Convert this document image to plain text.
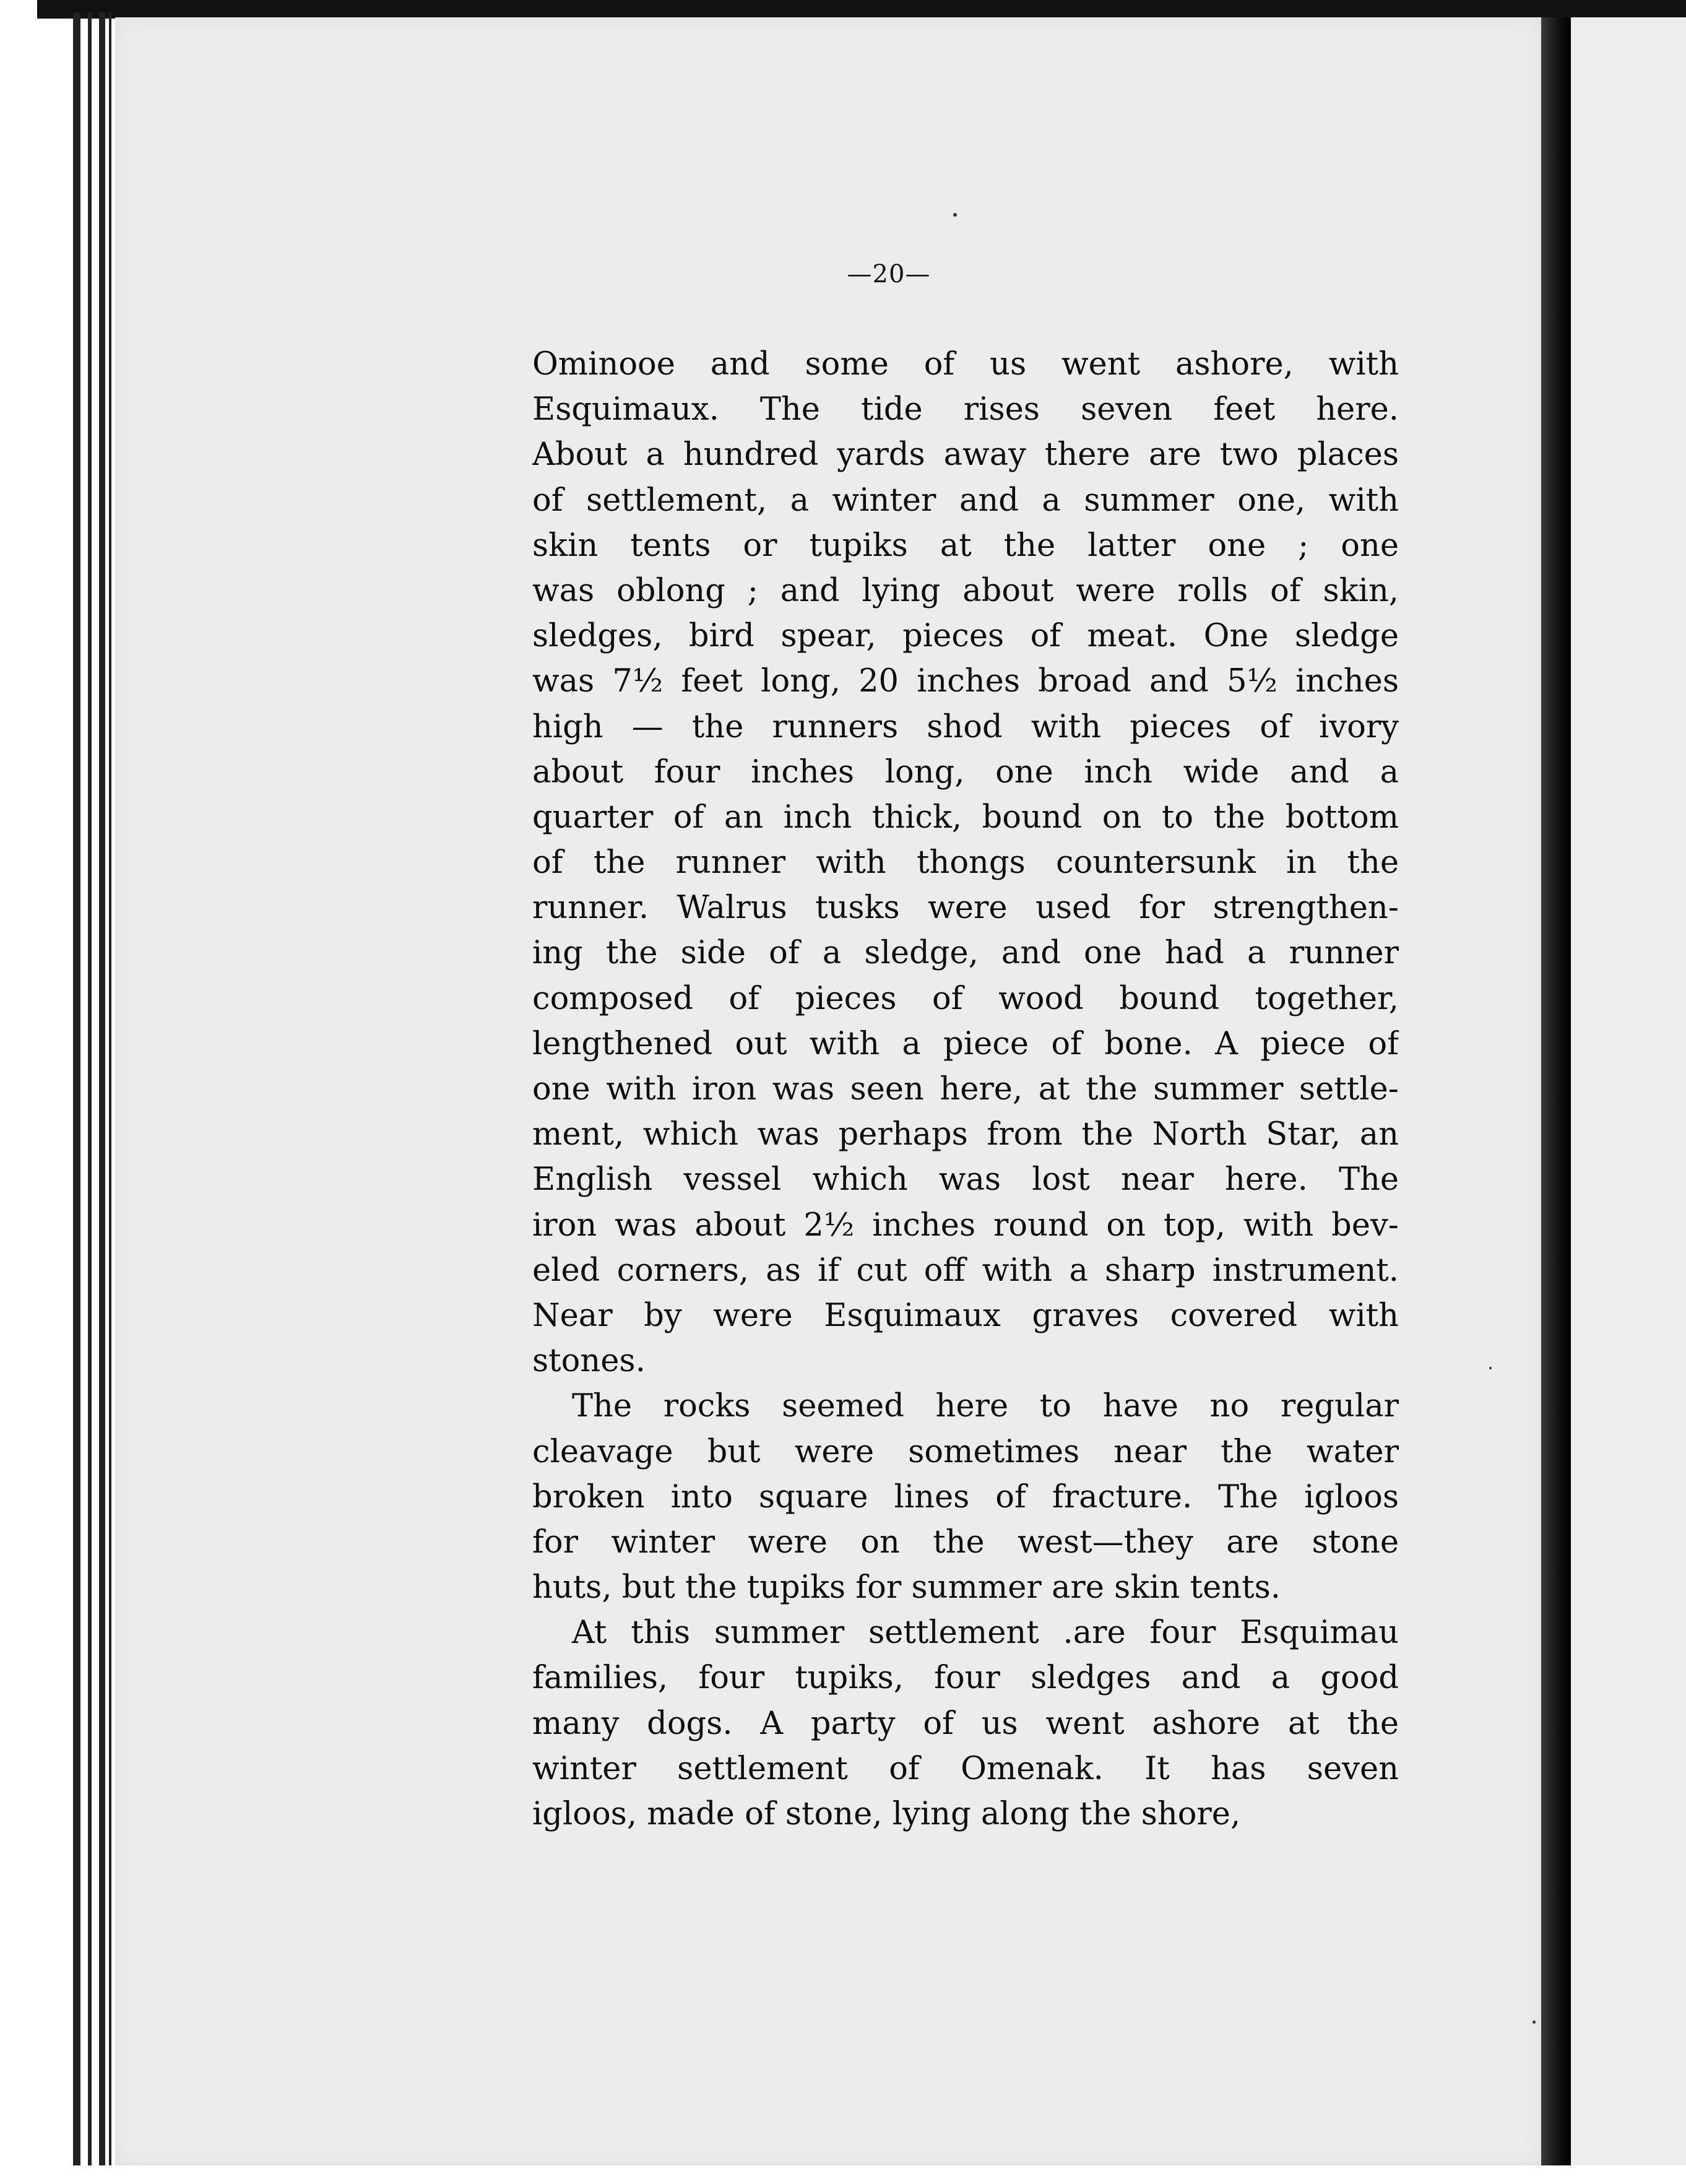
—20—
Ominooe and some of us went ashore, with
Esquimaux. The tide rises seven feet here.
About a hundred yards away there are two places
of settlement, a winter and a summer one, with
skin tents or tupiks at the latter one ; one
was oblong ; and lying about were rolls of skin,
sledges, bird spear, pieces of meat. One sledge
was 7½ feet long, 20 inches broad and 5½ inches
high — the runners shod with pieces of ivory
about four inches long, one inch wide and a
quarter of an inch thick, bound on to the bottom
of the runner with thongs countersunk in the
runner. Walrus tusks were used for strengthen-
ing the side of a sledge, and one had a runner
composed of pieces of wood bound together,
lengthened out with a piece of bone. A piece of
one with iron was seen here, at the summer settle-
ment, which was perhaps from the North Star, an
English vessel which was lost near here. The
iron was about 2½ inches round on top, with bev-
eled corners, as if cut off with a sharp instrument.
Near by were Esquimaux graves covered with
stones.
The rocks seemed here to have no regular
cleavage but were sometimes near the water
broken into square lines of fracture. The igloos
for winter were on the west—they are stone
huts, but the tupiks for summer are skin tents.
At this summer settlement .are four Esquimau
families, four tupiks, four sledges and a good
many dogs. A party of us went ashore at the
winter settlement of Omenak. It has seven
igloos, made of stone, lying along the shore,
